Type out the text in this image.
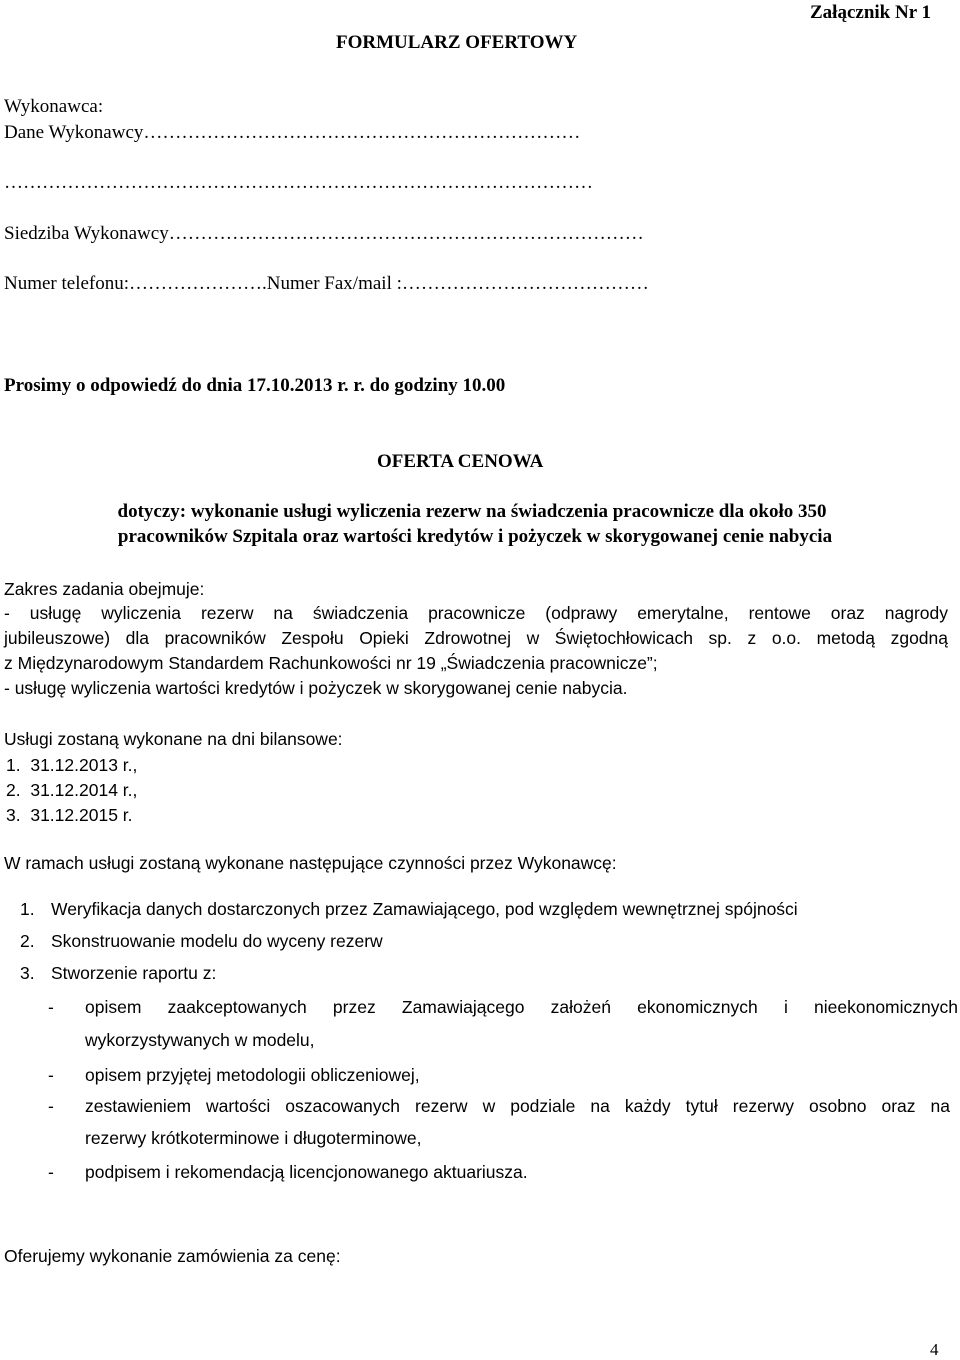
Załącznik Nr 1
FORMULARZ OFERTOWY
Wykonawca:
Dane Wykonawcy……………………………………………………………
…………………………………………………………………………………
Siedziba Wykonawcy…………………………………………………………………
Numer telefonu:………………….Numer Fax/mail :…………………………………
Prosimy o odpowiedź do dnia 17.10.2013 r. r. do godziny 10.00
OFERTA CENOWA
dotyczy: wykonanie usługi wyliczenia rezerw na świadczenia pracownicze dla około 350
pracowników Szpitala oraz wartości kredytów i pożyczek w skorygowanej cenie nabycia
Zakres zadania obejmuje:
- usługę wyliczenia rezerw na świadczenia pracownicze (odprawy emerytalne, rentowe oraz nagrody
jubileuszowe) dla pracowników Zespołu Opieki Zdrowotnej w Świętochłowicach sp. z o.o. metodą zgodną
z Międzynarodowym Standardem Rachunkowości nr 19 „Świadczenia pracownicze”;
- usługę wyliczenia wartości kredytów i pożyczek w skorygowanej cenie nabycia.
Usługi zostaną wykonane na dni bilansowe:
1. 31.12.2013 r.,
2. 31.12.2014 r.,
3. 31.12.2015 r.
W ramach usługi zostaną wykonane następujące czynności przez Wykonawcę:
1. Weryfikacja danych dostarczonych przez Zamawiającego, pod względem wewnętrznej spójności
2. Skonstruowanie modelu do wyceny rezerw
3. Stworzenie raportu z:
- opisem zaakceptowanych przez Zamawiającego założeń ekonomicznych i nieekonomicznych
wykorzystywanych w modelu,
- opisem przyjętej metodologii obliczeniowej,
- zestawieniem wartości oszacowanych rezerw w podziale na każdy tytuł rezerwy osobno oraz na
rezerwy krótkoterminowe i długoterminowe,
- podpisem i rekomendacją licencjonowanego aktuariusza.
Oferujemy wykonanie zamówienia za cenę:
4
